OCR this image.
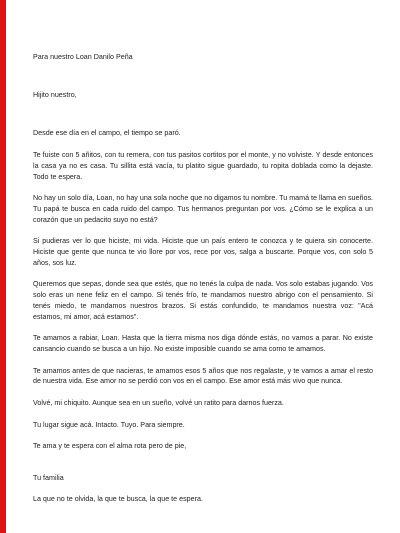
Para nuestro Loan Danilo Peña

Hijito nuestro,

Desde ese día en el campo, el tiempo se paró.

Te fuiste con 5 añitos, con tu remera, con tus pasitos cortitos por el monte, y no volviste. Y desde entonces la casa ya no es casa. Tu sillita está vacía, tu platito sigue guardado, tu ropita doblada como la dejaste. Todo te espera.

No hay un solo día, Loan, no hay una sola noche que no digamos tu nombre. Tu mamá te llama en sueños. Tu papá te busca en cada ruido del campo. Tus hermanos preguntan por vos. ¿Cómo se le explica a un corazón que un pedacito suyo no está?

Si pudieras ver lo que hiciste, mi vida. Hiciste que un país entero te conozca y te quiera sin conocerte. Hiciste que gente que nunca te vio llore por vos, rece por vos, salga a buscarte. Porque vos, con solo 5 años, sos luz.

Queremos que sepas, donde sea que estés, que no tenés la culpa de nada. Vos solo estabas jugando. Vos solo eras un nene feliz en el campo. Si tenés frío, te mandamos nuestro abrigo con el pensamiento. Si tenés miedo, te mandamos nuestros brazos. Si estás confundido, te mandamos nuestra voz: "Acá estamos, mi amor, acá estamos".

Te amamos a rabiar, Loan. Hasta que la tierra misma nos diga dónde estás, no vamos a parar. No existe cansancio cuando se busca a un hijo. No existe imposible cuando se ama como te amamos.

Te amamos antes de que nacieras, te amamos esos 5 años que nos regalaste, y te vamos a amar el resto de nuestra vida. Ese amor no se perdió con vos en el campo. Ese amor está más vivo que nunca.

Volvé, mi chiquito. Aunque sea en un sueño, volvé un ratito para darnos fuerza.

Tu lugar sigue acá. Intacto. Tuyo. Para siempre.

Te ama y te espera con el alma rota pero de pie,

Tu familia

La que no te olvida, la que te busca, la que te espera.
